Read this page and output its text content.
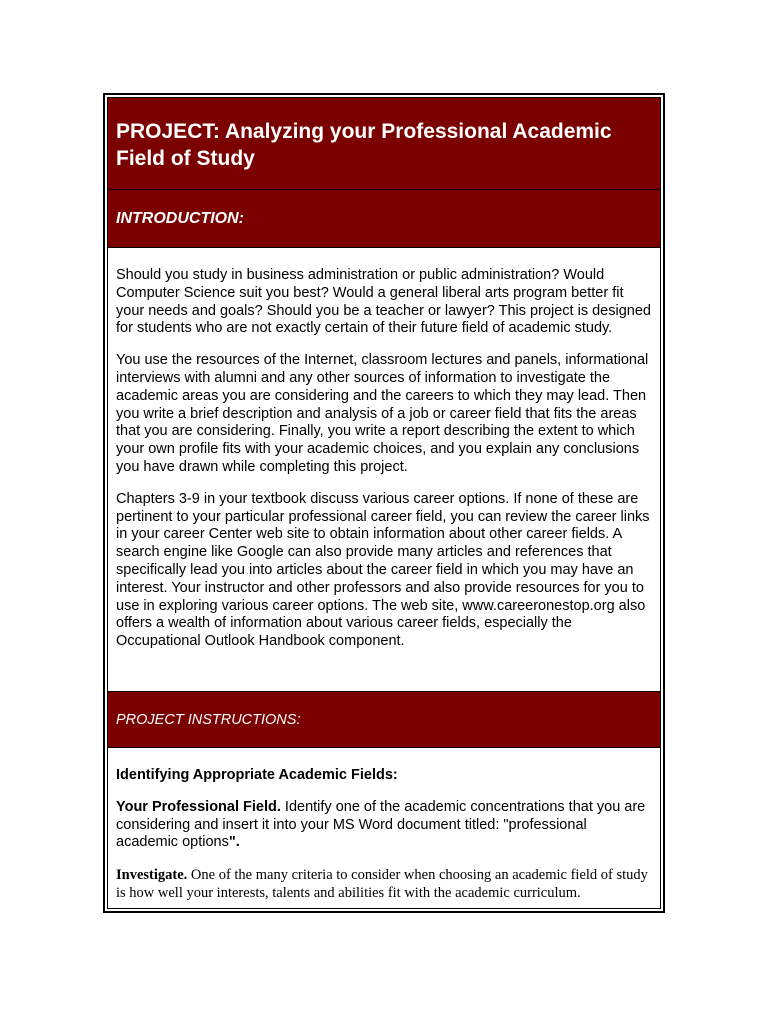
PROJECT: Analyzing your Professional Academic Field of Study
INTRODUCTION:

Should you study in business administration or public administration? Would Computer Science suit you best? Would a general liberal arts program better fit your needs and goals? Should you be a teacher or lawyer? This project is designed for students who are not exactly certain of their future field of academic study.

You use the resources of the Internet, classroom lectures and panels, informational interviews with alumni and any other sources of information to investigate the academic areas you are considering and the careers to which they may lead. Then you write a brief description and analysis of a job or career field that fits the areas that you are considering. Finally, you write a report describing the extent to which your own profile fits with your academic choices, and you explain any conclusions you have drawn while completing this project.

Chapters 3-9 in your textbook discuss various career options. If none of these are pertinent to your particular professional career field, you can review the career links in your career Center web site to obtain information about other career fields. A search engine like Google can also provide many articles and references that specifically lead you into articles about the career field in which you may have an interest. Your instructor and other professors and also provide resources for you to use in exploring various career options. The web site, www.careeronestop.org also offers a wealth of information about various career fields, especially the Occupational Outlook Handbook component.

PROJECT INSTRUCTIONS:
Identifying Appropriate Academic Fields:

Your Professional Field. Identify one of the academic concentrations that you are considering and insert it into your MS Word document titled: "professional academic options".

Investigate. One of the many criteria to consider when choosing an academic field of study is how well your interests, talents and abilities fit with the academic curriculum.
